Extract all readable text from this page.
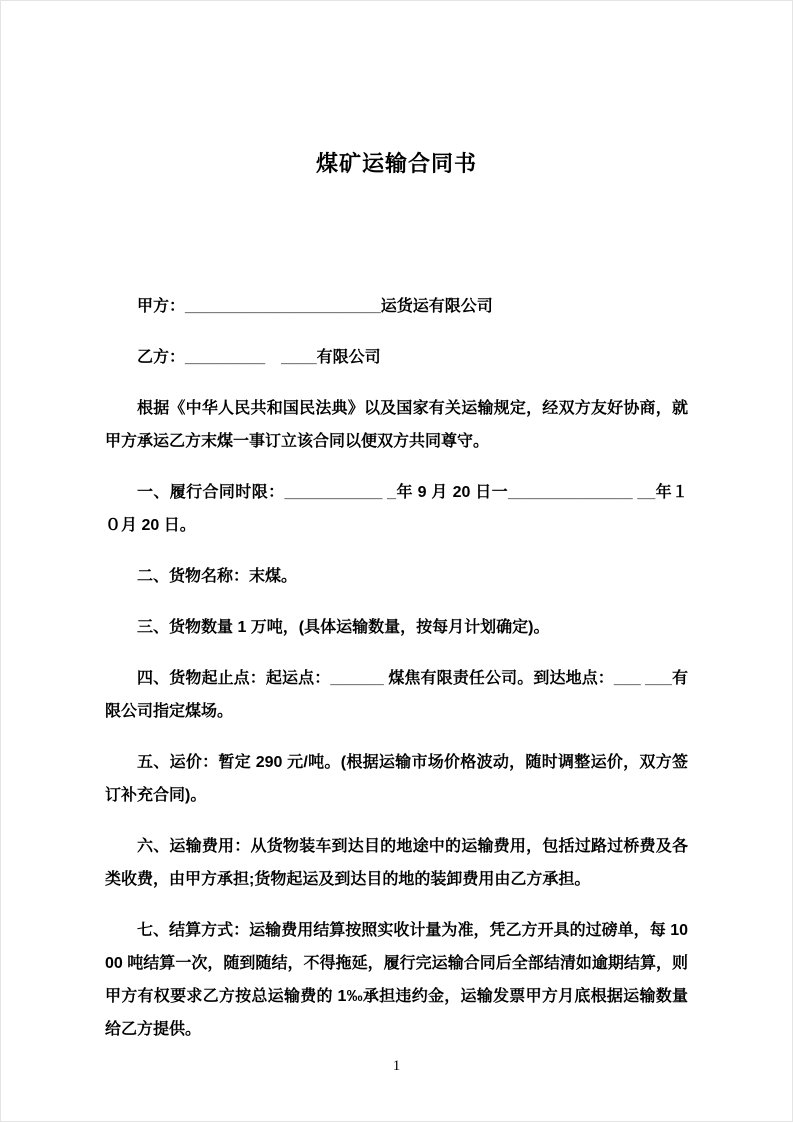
煤矿运输合同书

甲方：______________________运货运有限公司

乙方：_________　____有限公司

根据《中华人民共和国民法典》以及国家有关运输规定，经双方友好协商，就甲方承运乙方末煤一事订立该合同以便双方共同尊守。

一、履行合同时限：___________ _年 9 月 20 日一______________ __年１０月 20 日。

二、货物名称：末煤。

三、货物数量 1 万吨，(具体运输数量，按每月计划确定)。

四、货物起止点：起运点：______ 煤焦有限责任公司。到达地点：___ ___有限公司指定煤场。

五、运价：暂定 290 元/吨。(根据运输市场价格波动，随时调整运价，双方签订补充合同)。

六、运输费用：从货物装车到达目的地途中的运输费用，包括过路过桥费及各类收费，由甲方承担;货物起运及到达目的地的装卸费用由乙方承担。

七、结算方式：运输费用结算按照实收计量为准，凭乙方开具的过磅单，每 1000 吨结算一次，随到随结，不得拖延，履行完运输合同后全部结清如逾期结算，则甲方有权要求乙方按总运输费的 1‰承担违约金，运输发票甲方月底根据运输数量给乙方提供。

1
